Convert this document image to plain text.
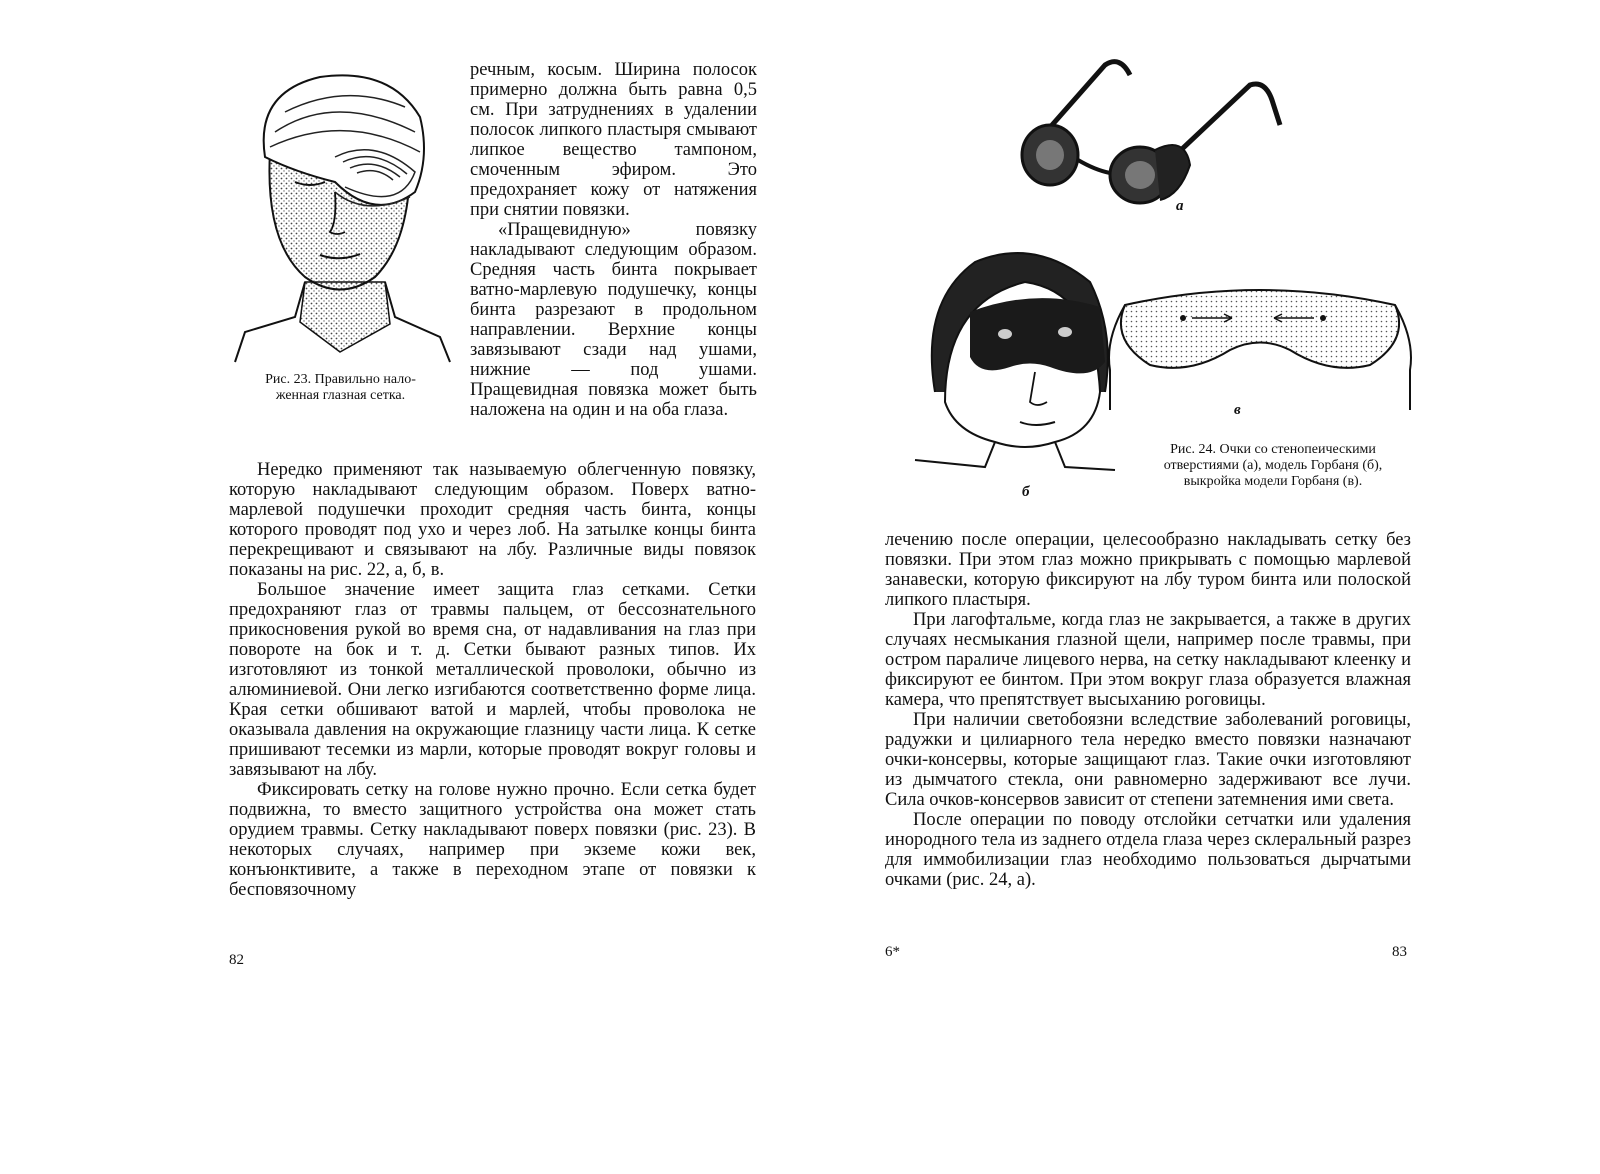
Рис. 23. Правильно нало-
женная глазная сетка.

речным, косым. Ширина полосок примерно должна быть равна 0,5 см. При затруднениях в удалении полосок липкого пластыря смывают липкое вещество тампоном, смоченным эфиром. Это предохраняет кожу от натяжения при снятии повязки.

«Пращевидную» повязку накладывают следующим образом. Средняя часть бинта покрывает ватно-марлевую подушечку, концы бинта разрезают в продольном направлении. Верхние концы завязывают сзади над ушами, нижние — под ушами. Пращевидная повязка может быть наложена на один и на оба глаза.

Нередко применяют так называемую облегченную повязку, которую накладывают следующим образом. Поверх ватно-марлевой подушечки проходит средняя часть бинта, концы которого проводят под ухо и через лоб. На затылке концы бинта перекрещивают и связывают на лбу. Различные виды повязок показаны на рис. 22, а, б, в.

Большое значение имеет защита глаз сетками. Сетки предохраняют глаз от травмы пальцем, от бессознательного прикосновения рукой во время сна, от надавливания на глаз при повороте на бок и т. д. Сетки бывают разных типов. Их изготовляют из тонкой металлической проволоки, обычно из алюминиевой. Они легко изгибаются соответственно форме лица. Края сетки обшивают ватой и марлей, чтобы проволока не оказывала давления на окружающие глазницу части лица. К сетке пришивают тесемки из марли, которые проводят вокруг головы и завязывают на лбу.

Фиксировать сетку на голове нужно прочно. Если сетка будет подвижна, то вместо защитного устройства она может стать орудием травмы. Сетку накладывают поверх повязки (рис. 23). В некоторых случаях, например при экземе кожи век, конъюнктивите, а также в переходном этапе от повязки к бесповязочному

82
а
б
в
Рис. 24. Очки со стенопеическими отверстиями (а), модель Горбаня (б), выкройка модели Горбаня (в).

лечению после операции, целесообразно накладывать сетку без повязки. При этом глаз можно прикрывать с помощью марлевой занавески, которую фиксируют на лбу туром бинта или полоской липкого пластыря.

При лагофтальме, когда глаз не закрывается, а также в других случаях несмыкания глазной щели, например после травмы, при остром параличе лицевого нерва, на сетку накладывают клеенку и фиксируют ее бинтом. При этом вокруг глаза образуется влажная камера, что препятствует высыханию роговицы.

При наличии светобоязни вследствие заболеваний роговицы, радужки и цилиарного тела нередко вместо повязки назначают очки-консервы, которые защищают глаз. Такие очки изготовляют из дымчатого стекла, они равномерно задерживают все лучи. Сила очков-консервов зависит от степени затемнения ими света.

После операции по поводу отслойки сетчатки или удаления инородного тела из заднего отдела глаза через склеральный разрез для иммобилизации глаз необходимо пользоваться дырчатыми очками (рис. 24, а).

6*	83
